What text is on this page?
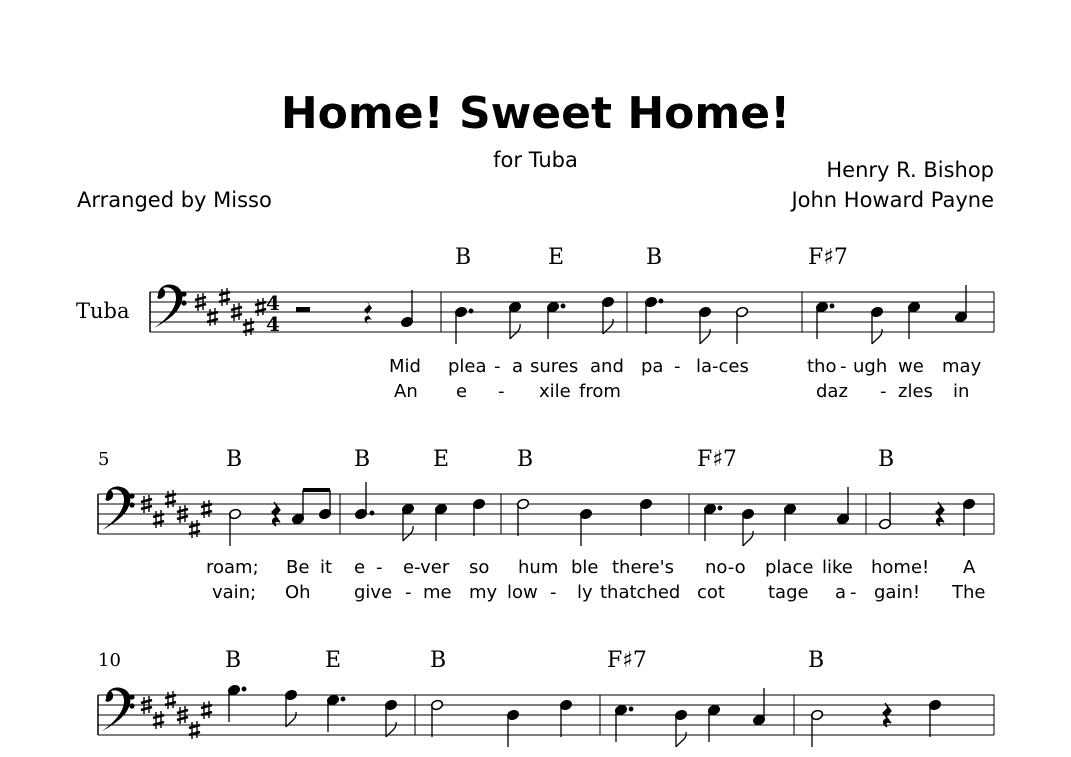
Home! Sweet Home!
for Tuba	Henry R. Bishop
John Howard Payne
Arranged by Misso
Tuba	4
4
B	E	B	F♯7
Mid plea - a sures and pa - la-ces	tho - ugh we may
An e - xile from	daz - zles in
5	B	B	E	B	F♯7	B
roam; Be it e - e-ver so hum ble there's no-o place like home! A
vain; Oh give - me my low - ly thatched cot tage a - gain! The
10	B	E	B	F♯7	B
